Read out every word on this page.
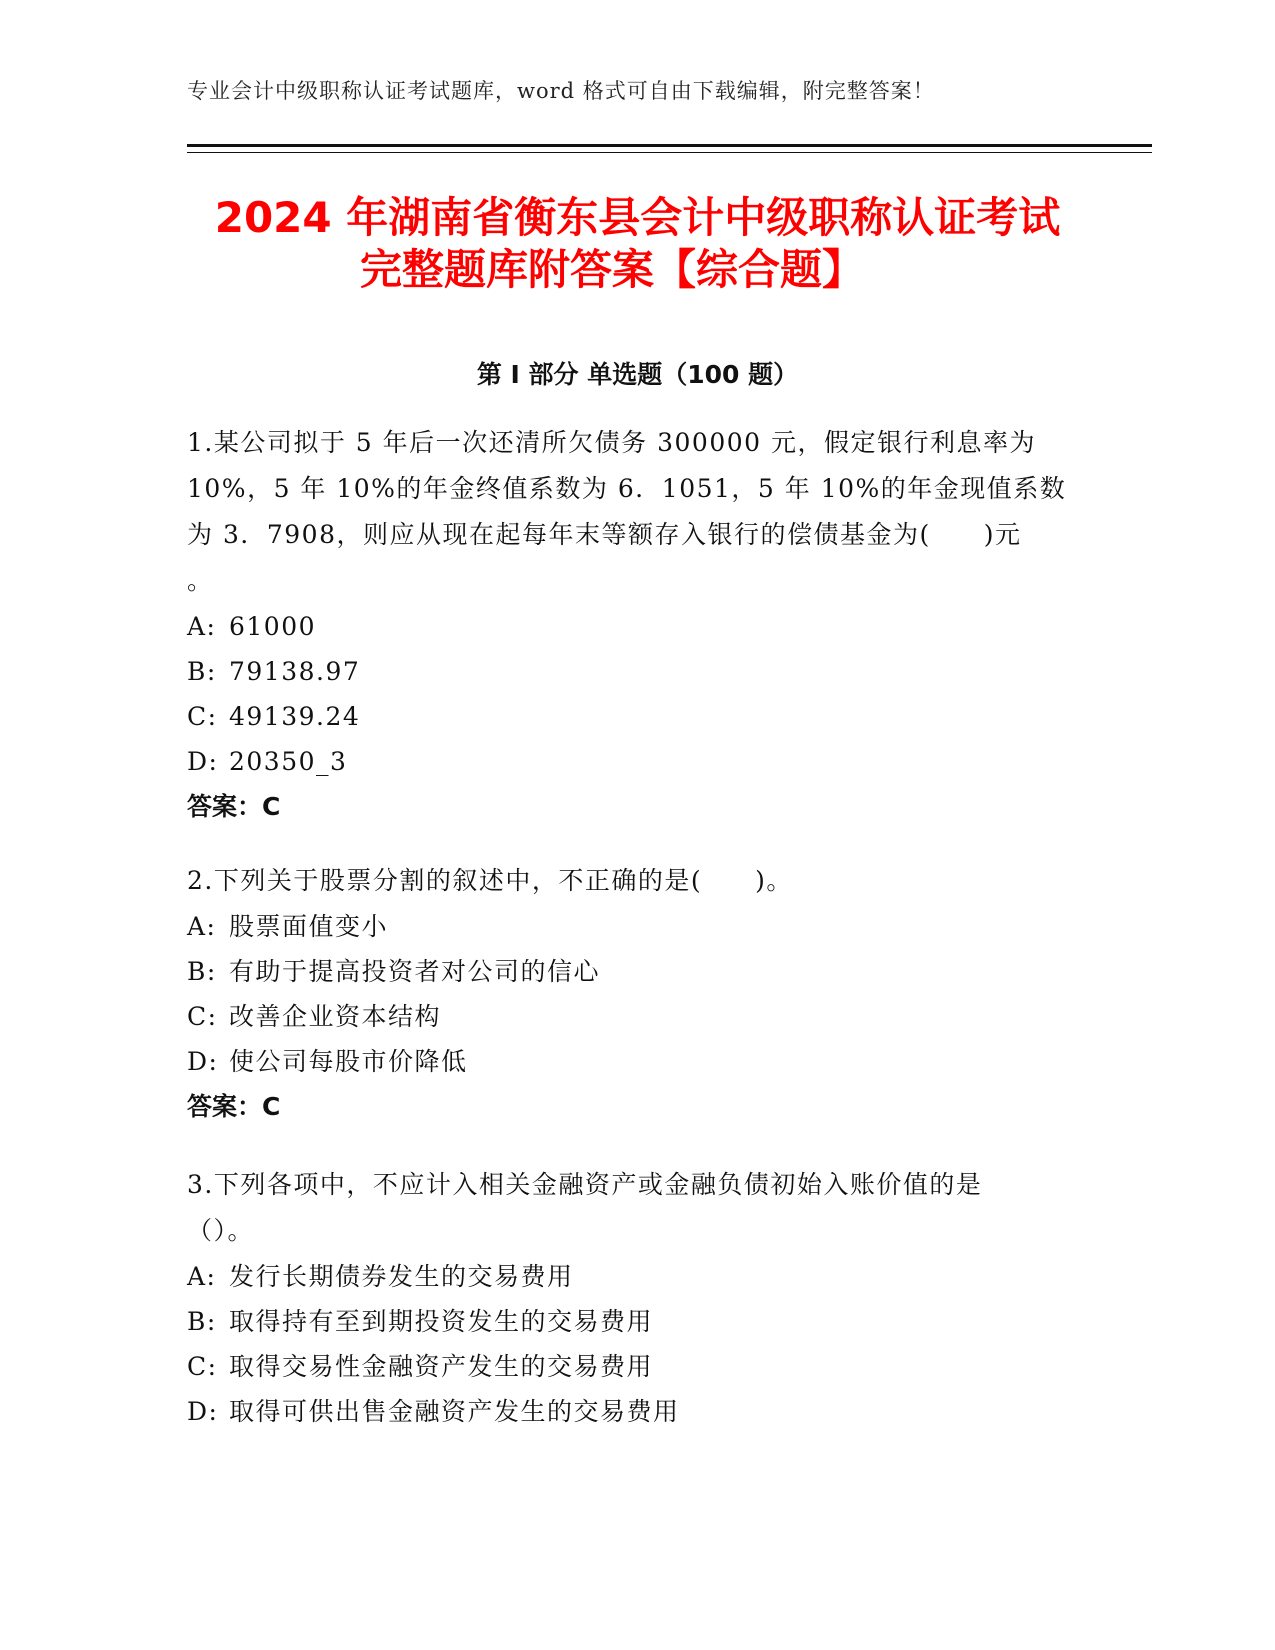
专业会计中级职称认证考试题库，word 格式可自由下载编辑，附完整答案！
2024 年湖南省衡东县会计中级职称认证考试
完整题库附答案【综合题】
第 I 部分 单选题（100 题）
1.某公司拟于 5 年后一次还清所欠债务 300000 元，假定银行利息率为
10%，5 年 10%的年金终值系数为 6．1051，5 年 10%的年金现值系数
为 3．7908，则应从现在起每年末等额存入银行的偿债基金为(　　)元
。
A: 61000
B: 79138.97
C: 49139.24
D: 20350_3
答案：C
2.下列关于股票分割的叙述中，不正确的是(　　)。
A: 股票面值变小
B: 有助于提高投资者对公司的信心
C: 改善企业资本结构
D: 使公司每股市价降低
答案：C
3.下列各项中，不应计入相关金融资产或金融负债初始入账价值的是
（）。
A: 发行长期债券发生的交易费用
B: 取得持有至到期投资发生的交易费用
C: 取得交易性金融资产发生的交易费用
D: 取得可供出售金融资产发生的交易费用
